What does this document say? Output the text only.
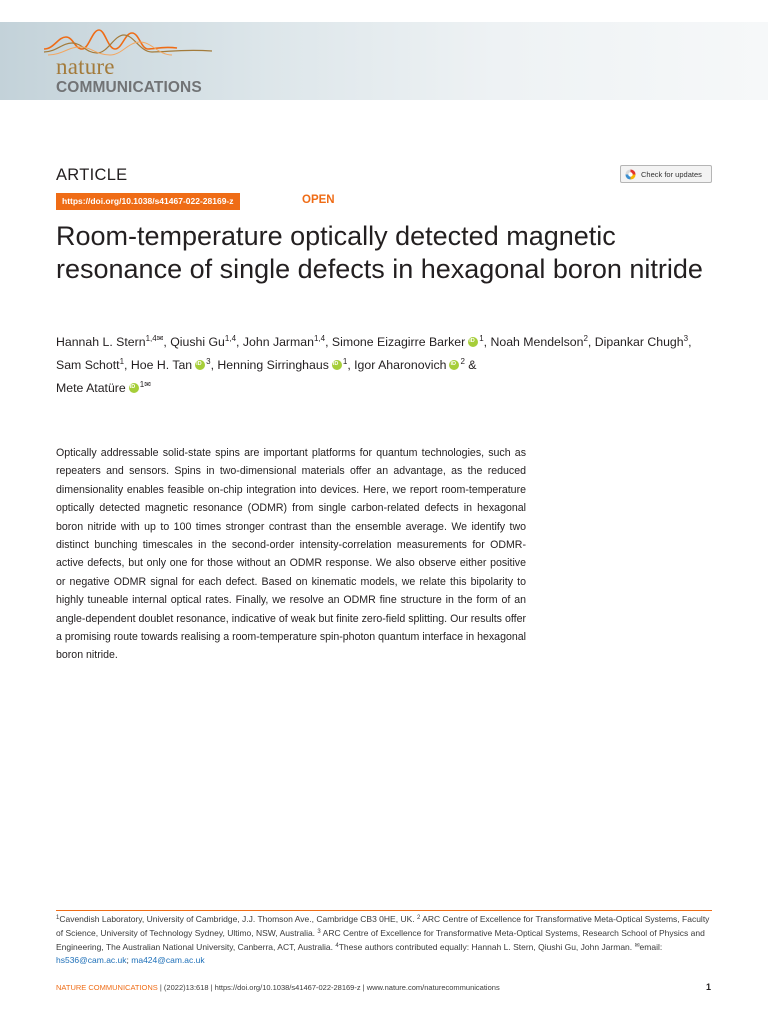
nature
COMMUNICATIONS
ARTICLE	Check for updates
https://doi.org/10.1038/s41467-022-28169-z	OPEN
Room-temperature optically detected magnetic resonance of single defects in hexagonal boron nitride
Hannah L. Stern$^{1,4✉}$, Qiushi Gu$^{1,4}$, John Jarman$^{1,4}$, Simone Eizagirre Barker iD $^1$, Noah Mendelson$^2$, Dipankar Chugh$^3$, Sam Schott$^1$, Hoe H. Tan iD $^3$, Henning Sirringhaus iD $^1$, Igor Aharonovich iD $^2$ &
Mete Atatüre iD $^{1✉}$

Optically addressable solid-state spins are important platforms for quantum technologies, such as repeaters and sensors. Spins in two-dimensional materials offer an advantage, as the reduced dimensionality enables feasible on-chip integration into devices. Here, we report room-temperature optically detected magnetic resonance (ODMR) from single carbon-related defects in hexagonal boron nitride with up to 100 times stronger contrast than the ensemble average. We identify two distinct bunching timescales in the second-order intensity-correlation measurements for ODMR-active defects, but only one for those without an ODMR response. We also observe either positive or negative ODMR signal for each defect. Based on kinematic models, we relate this bipolarity to highly tuneable internal optical rates. Finally, we resolve an ODMR fine structure in the form of an angle-dependent doublet resonance, indicative of weak but finite zero-field splitting. Our results offer a promising route towards realising a room-temperature spin-photon quantum interface in hexagonal boron nitride.

$^1$Cavendish Laboratory, University of Cambridge, J.J. Thomson Ave., Cambridge CB3 0HE, UK. $^2$ ARC Centre of Excellence for Transformative Meta-Optical Systems, Faculty of Science, University of Technology Sydney, Ultimo, NSW, Australia. $^3$ ARC Centre of Excellence for Transformative Meta-Optical Systems, Research School of Physics and Engineering, The Australian National University, Canberra, ACT, Australia. $^4$These authors contributed equally: Hannah L. Stern, Qiushi Gu, John Jarman. ✉email: hs536@cam.ac.uk; ma424@cam.ac.uk
NATURE COMMUNICATIONS | (2022)13:618 | https://doi.org/10.1038/s41467-022-28169-z | www.nature.com/naturecommunications	1
